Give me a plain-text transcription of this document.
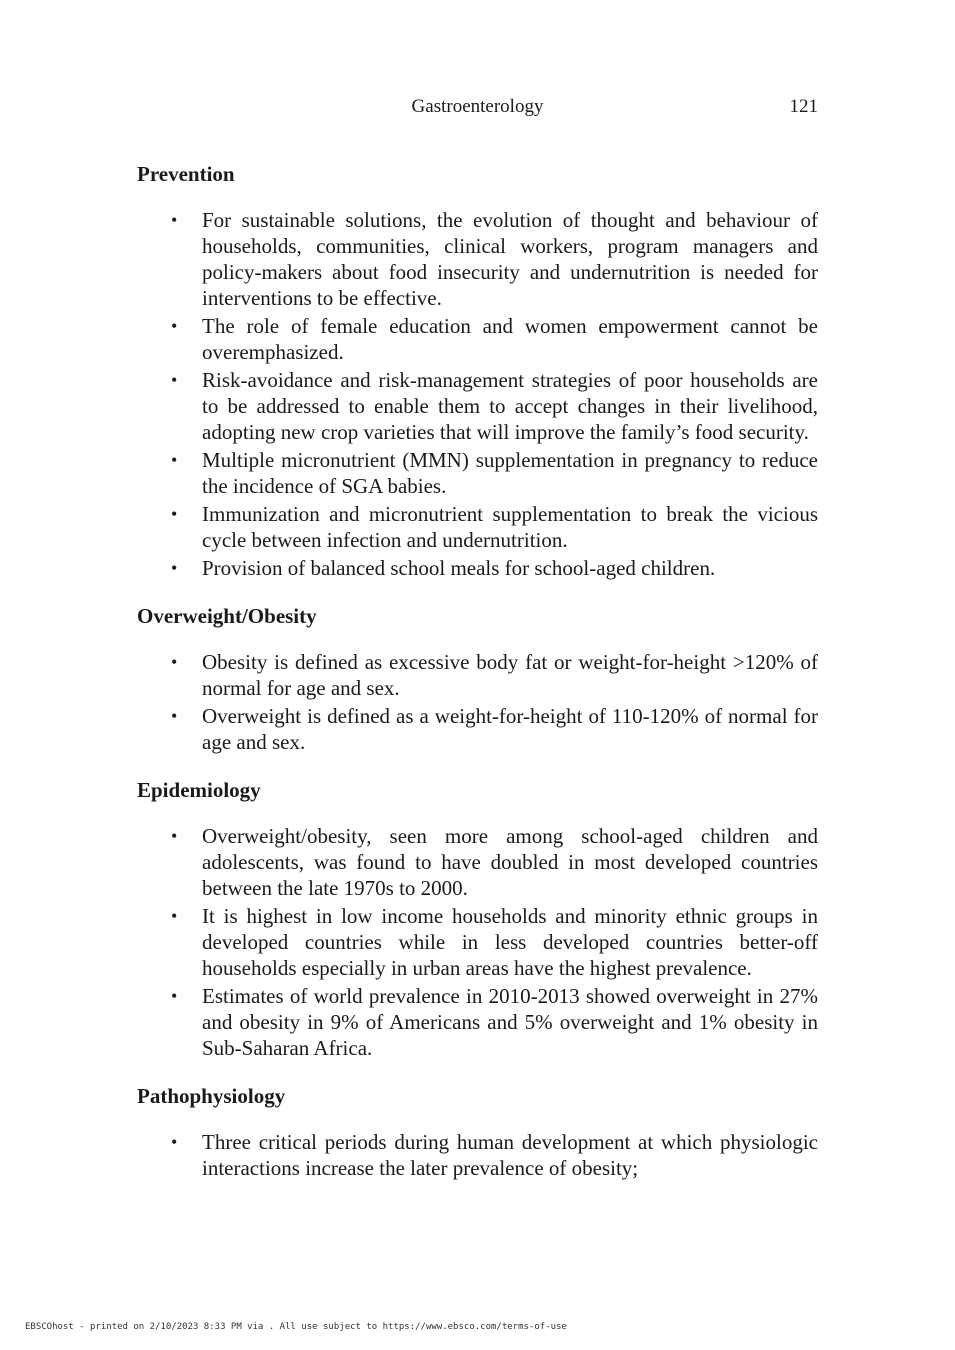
Gastroenterology	121
Prevention
• For sustainable solutions, the evolution of thought and behaviour of households, communities, clinical workers, program managers and policy-makers about food insecurity and undernutrition is needed for interventions to be effective.
• The role of female education and women empowerment cannot be overemphasized.
• Risk-avoidance and risk-management strategies of poor households are to be addressed to enable them to accept changes in their livelihood, adopting new crop varieties that will improve the family’s food security.
• Multiple micronutrient (MMN) supplementation in pregnancy to reduce the incidence of SGA babies.
• Immunization and micronutrient supplementation to break the vicious cycle between infection and undernutrition.
• Provision of balanced school meals for school-aged children.
Overweight/Obesity
• Obesity is defined as excessive body fat or weight-for-height >120% of normal for age and sex.
• Overweight is defined as a weight-for-height of 110-120% of normal for age and sex.
Epidemiology
• Overweight/obesity, seen more among school-aged children and adolescents, was found to have doubled in most developed countries between the late 1970s to 2000.
• It is highest in low income households and minority ethnic groups in developed countries while in less developed countries better-off households especially in urban areas have the highest prevalence.
• Estimates of world prevalence in 2010-2013 showed overweight in 27% and obesity in 9% of Americans and 5% overweight and 1% obesity in Sub-Saharan Africa.
Pathophysiology
• Three critical periods during human development at which physiologic interactions increase the later prevalence of obesity;
EBSCOhost - printed on 2/10/2023 8:33 PM via . All use subject to https://www.ebsco.com/terms-of-use
